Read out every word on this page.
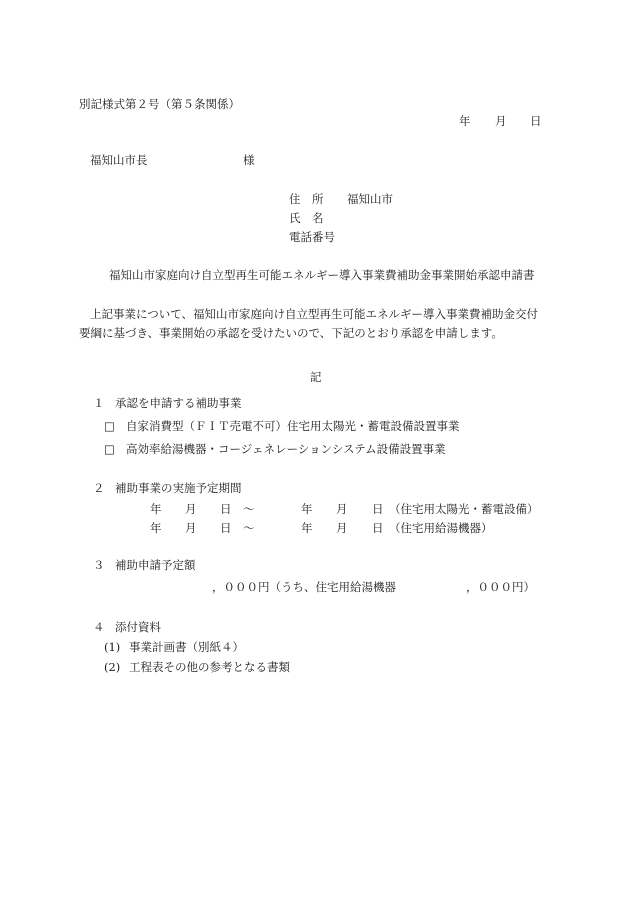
別記様式第２号（第５条関係）
年 月 日
福知山市長	様
住　所 福知山市
氏　名
電話番号
福知山市家庭向け自立型再生可能エネルギー導入事業費補助金事業開始承認申請書
上記事業について、福知山市家庭向け自立型再生可能エネルギー導入事業費補助金交付
要綱に基づき、事業開始の承認を受けたいので、下記のとおり承認を申請します。
記
１ 承認を申請する補助事業
□ 自家消費型（ＦＩＴ売電不可）住宅用太陽光・蓄電設備設置事業
□ 高効率給湯機器・コージェネレーションシステム設備設置事業
２ 補助事業の実施予定期間
年 月 日 ～	年 月 日 （住宅用太陽光・蓄電設備）
年 月 日 ～	年 月 日 （住宅用給湯機器）
３ 補助申請予定額
，０００円（うち、住宅用給湯機器	，０００円）
４ 添付資料
(1) 事業計画書（別紙４）
(2) 工程表その他の参考となる書類
